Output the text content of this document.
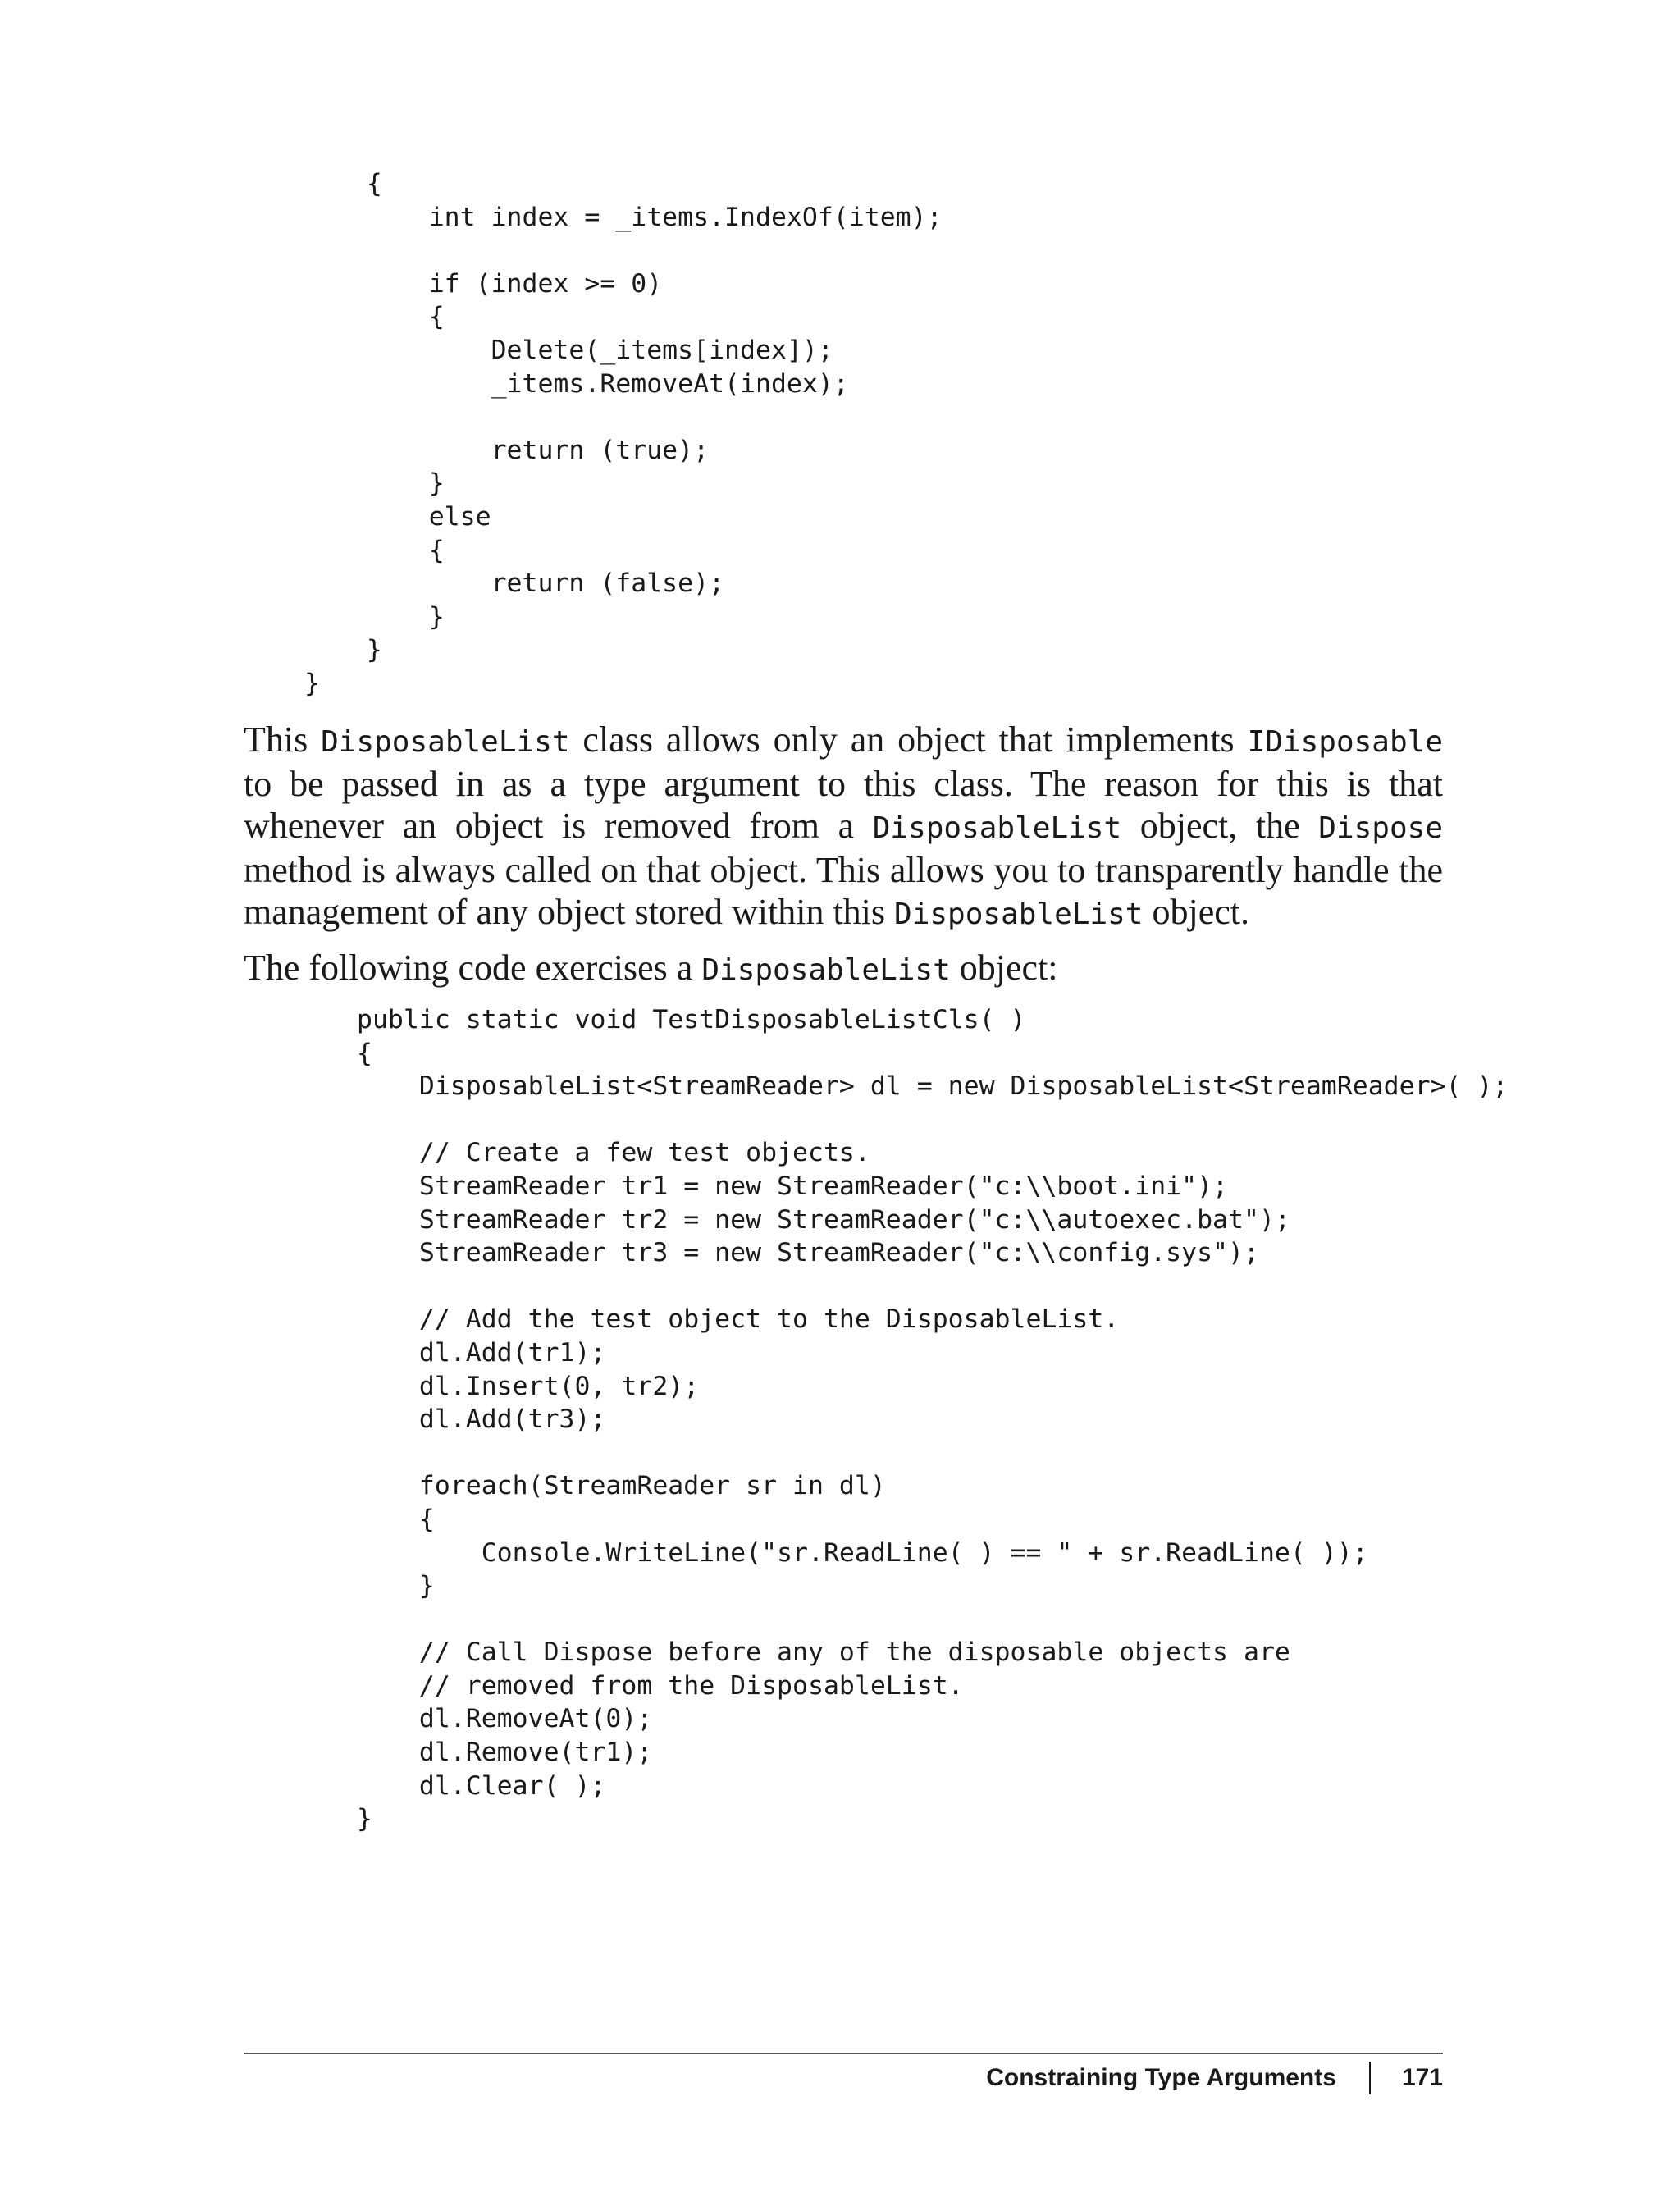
{
int index = _items.IndexOf(item);

if (index >= 0)
{
Delete(_items[index]);
_items.RemoveAt(index);

return (true);
}
else
{
return (false);
}
}
}

This DisposableList class allows only an object that implements IDisposable to be passed in as a type argument to this class. The reason for this is that whenever an object is removed from a DisposableList object, the Dispose method is always called on that object. This allows you to transparently handle the management of any object stored within this DisposableList object.

The following code exercises a DisposableList object:

public static void TestDisposableListCls( )
{
DisposableList<StreamReader> dl = new DisposableList<StreamReader>( );

// Create a few test objects.
StreamReader tr1 = new StreamReader("c:\\boot.ini");
StreamReader tr2 = new StreamReader("c:\\autoexec.bat");
StreamReader tr3 = new StreamReader("c:\\config.sys");

// Add the test object to the DisposableList.
dl.Add(tr1);
dl.Insert(0, tr2);
dl.Add(tr3);

foreach(StreamReader sr in dl)
{
Console.WriteLine("sr.ReadLine( ) == " + sr.ReadLine( ));
}

// Call Dispose before any of the disposable objects are
// removed from the DisposableList.
dl.RemoveAt(0);
dl.Remove(tr1);
dl.Clear( );
}
Constraining Type Arguments	171
